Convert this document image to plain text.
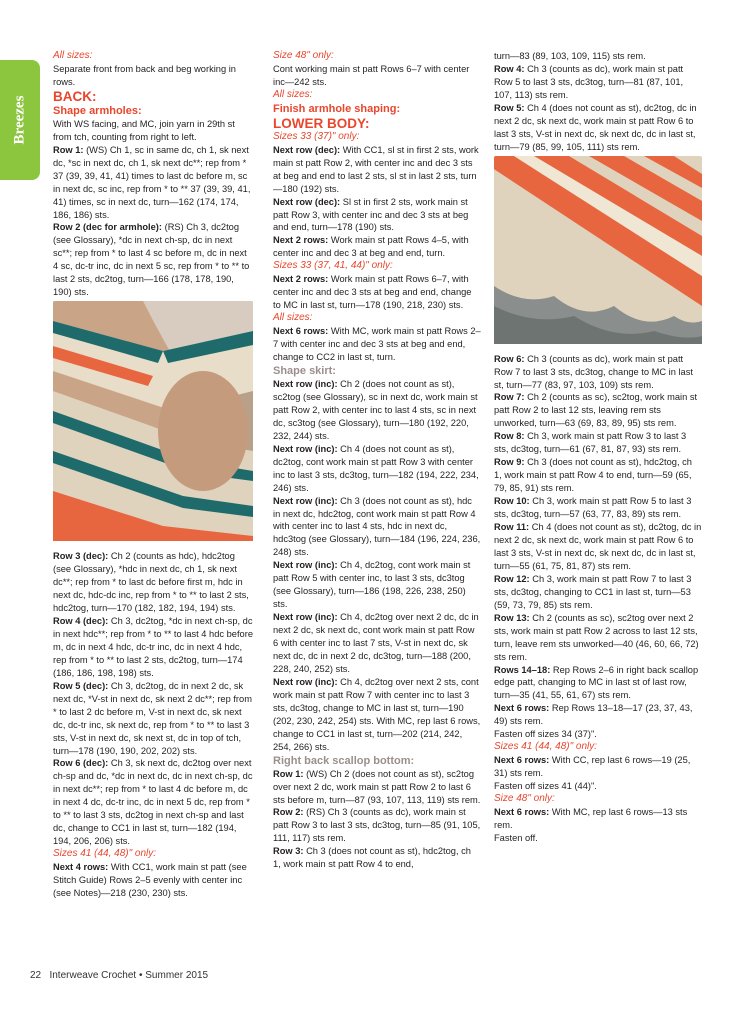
Breezes

All sizes:

Separate front from back and beg working in rows.

BACK:

Shape armholes:

With WS facing, and MC, join yarn in 29th st from tch, counting from right to left.

Row 1: (WS) Ch 1, sc in same dc, ch 1, sk next dc, *sc in next dc, ch 1, sk next dc**; rep from * 37 (39, 39, 41, 41) times to last dc before m, sc in next dc, sc inc, rep from * to ** 37 (39, 39, 41, 41) times, sc in next dc, turn—162 (174, 174, 186, 186) sts.

Row 2 (dec for armhole): (RS) Ch 3, dc2tog (see Glossary), *dc in next ch-sp, dc in next sc**; rep from * to last 4 sc before m, dc in next 4 sc, dc-tr inc, dc in next 5 sc, rep from * to ** to last 2 sts, dc2tog, turn—166 (178, 178, 190, 190) sts.

Row 3 (dec): Ch 2 (counts as hdc), hdc2tog (see Glossary), *hdc in next dc, ch 1, sk next dc**; rep from * to last dc before first m, hdc in next dc, hdc-dc inc, rep from * to ** to last 2 sts, hdc2tog, turn—170 (182, 182, 194, 194) sts.

Row 4 (dec): Ch 3, dc2tog, *dc in next ch-sp, dc in next hdc**; rep from * to ** to last 4 hdc before m, dc in next 4 hdc, dc-tr inc, dc in next 4 hdc, rep from * to ** to last 2 sts, dc2tog, turn—174 (186, 186, 198, 198) sts.

Row 5 (dec): Ch 3, dc2tog, dc in next 2 dc, sk next dc, *V-st in next dc, sk next 2 dc**; rep from * to last 2 dc before m, V-st in next dc, sk next dc, dc-tr inc, sk next dc, rep from * to ** to last 3 sts, V-st in next dc, sk next st, dc in top of tch, turn—178 (190, 190, 202, 202) sts.

Row 6 (dec): Ch 3, sk next dc, dc2tog over next ch-sp and dc, *dc in next dc, dc in next ch-sp, dc in next dc**; rep from * to last 4 dc before m, dc in next 4 dc, dc-tr inc, dc in next 5 dc, rep from * to ** to last 3 sts, dc2tog in next ch-sp and last dc, change to CC1 in last st, turn—182 (194, 194, 206, 206) sts.

Sizes 41 (44, 48)" only:

Next 4 rows: With CC1, work main st patt (see Stitch Guide) Rows 2–5 evenly with center inc (see Notes)—218 (230, 230) sts.

Size 48" only:

Cont working main st patt Rows 6–7 with center inc—242 sts.

All sizes:

Finish armhole shaping:

LOWER BODY:

Sizes 33 (37)" only:

Next row (dec): With CC1, sl st in first 2 sts, work main st patt Row 2, with center inc and dec 3 sts at beg and end to last 2 sts, sl st in last 2 sts, turn—180 (192) sts.

Next row (dec): Sl st in first 2 sts, work main st patt Row 3, with center inc and dec 3 sts at beg and end, turn—178 (190) sts.

Next 2 rows: Work main st patt Rows 4–5, with center inc and dec 3 at beg and end, turn.

Sizes 33 (37, 41, 44)" only:

Next 2 rows: Work main st patt Rows 6–7, with center inc and dec 3 sts at beg and end, change to MC in last st, turn—178 (190, 218, 230) sts.

All sizes:

Next 6 rows: With MC, work main st patt Rows 2–7 with center inc and dec 3 sts at beg and end, change to CC2 in last st, turn.

Shape skirt:

Next row (inc): Ch 2 (does not count as st), sc2tog (see Glossary), sc in next dc, work main st patt Row 2, with center inc to last 4 sts, sc in next dc, sc3tog (see Glossary), turn—180 (192, 220, 232, 244) sts.

Next row (inc): Ch 4 (does not count as st), dc2tog, cont work main st patt Row 3 with center inc to last 3 sts, dc3tog, turn—182 (194, 222, 234, 246) sts.

Next row (inc): Ch 3 (does not count as st), hdc in next dc, hdc2tog, cont work main st patt Row 4 with center inc to last 4 sts, hdc in next dc, hdc3tog (see Glossary), turn—184 (196, 224, 236, 248) sts.

Next row (inc): Ch 4, dc2tog, cont work main st patt Row 5 with center inc, to last 3 sts, dc3tog (see Glossary), turn—186 (198, 226, 238, 250) sts.

Next row (inc): Ch 4, dc2tog over next 2 dc, dc in next 2 dc, sk next dc, cont work main st patt Row 6 with center inc to last 7 sts, V-st in next dc, sk next dc, dc in next 2 dc, dc3tog, turn—188 (200, 228, 240, 252) sts.

Next row (inc): Ch 4, dc2tog over next 2 sts, cont work main st patt Row 7 with center inc to last 3 sts, dc3tog, change to MC in last st, turn—190 (202, 230, 242, 254) sts. With MC, rep last 6 rows, change to CC1 in last st, turn—202 (214, 242, 254, 266) sts.

Right back scallop bottom:

Row 1: (WS) Ch 2 (does not count as st), sc2tog over next 2 dc, work main st patt Row 2 to last 6 sts before m, turn—87 (93, 107, 113, 119) sts rem.

Row 2: (RS) Ch 3 (counts as dc), work main st patt Row 3 to last 3 sts, dc3tog, turn—85 (91, 105, 111, 117) sts rem.

Row 3: Ch 3 (does not count as st), hdc2tog, ch 1, work main st patt Row 4 to end,

turn—83 (89, 103, 109, 115) sts rem.

Row 4: Ch 3 (counts as dc), work main st patt Row 5 to last 3 sts, dc3tog, turn—81 (87, 101, 107, 113) sts rem.

Row 5: Ch 4 (does not count as st), dc2tog, dc in next 2 dc, sk next dc, work main st patt Row 6 to last 3 sts, V-st in next dc, sk next dc, dc in last st, turn—79 (85, 99, 105, 111) sts rem.

Row 6: Ch 3 (counts as dc), work main st patt Row 7 to last 3 sts, dc3tog, change to MC in last st, turn—77 (83, 97, 103, 109) sts rem.

Row 7: Ch 2 (counts as sc), sc2tog, work main st patt Row 2 to last 12 sts, leaving rem sts unworked, turn—63 (69, 83, 89, 95) sts rem.

Row 8: Ch 3, work main st patt Row 3 to last 3 sts, dc3tog, turn—61 (67, 81, 87, 93) sts rem.

Row 9: Ch 3 (does not count as st), hdc2tog, ch 1, work main st patt Row 4 to end, turn—59 (65, 79, 85, 91) sts rem.

Row 10: Ch 3, work main st patt Row 5 to last 3 sts, dc3tog, turn—57 (63, 77, 83, 89) sts rem.

Row 11: Ch 4 (does not count as st), dc2tog, dc in next 2 dc, sk next dc, work main st patt Row 6 to last 3 sts, V-st in next dc, sk next dc, dc in last st, turn—55 (61, 75, 81, 87) sts rem.

Row 12: Ch 3, work main st patt Row 7 to last 3 sts, dc3tog, changing to CC1 in last st, turn—53 (59, 73, 79, 85) sts rem.

Row 13: Ch 2 (counts as sc), sc2tog over next 2 sts, work main st patt Row 2 across to last 12 sts, turn, leave rem sts unworked—40 (46, 60, 66, 72) sts rem.

Rows 14–18: Rep Rows 2–6 in right back scallop edge patt, changing to MC in last st of last row, turn—35 (41, 55, 61, 67) sts rem.

Next 6 rows: Rep Rows 13–18—17 (23, 37, 43, 49) sts rem.

Fasten off sizes 34 (37)".

Sizes 41 (44, 48)" only:

Next 6 rows: With CC, rep last 6 rows—19 (25, 31) sts rem.

Fasten off sizes 41 (44)".

Size 48" only:

Next 6 rows: With MC, rep last 6 rows—13 sts rem.

Fasten off.

22 Interweave Crochet • Summer 2015
